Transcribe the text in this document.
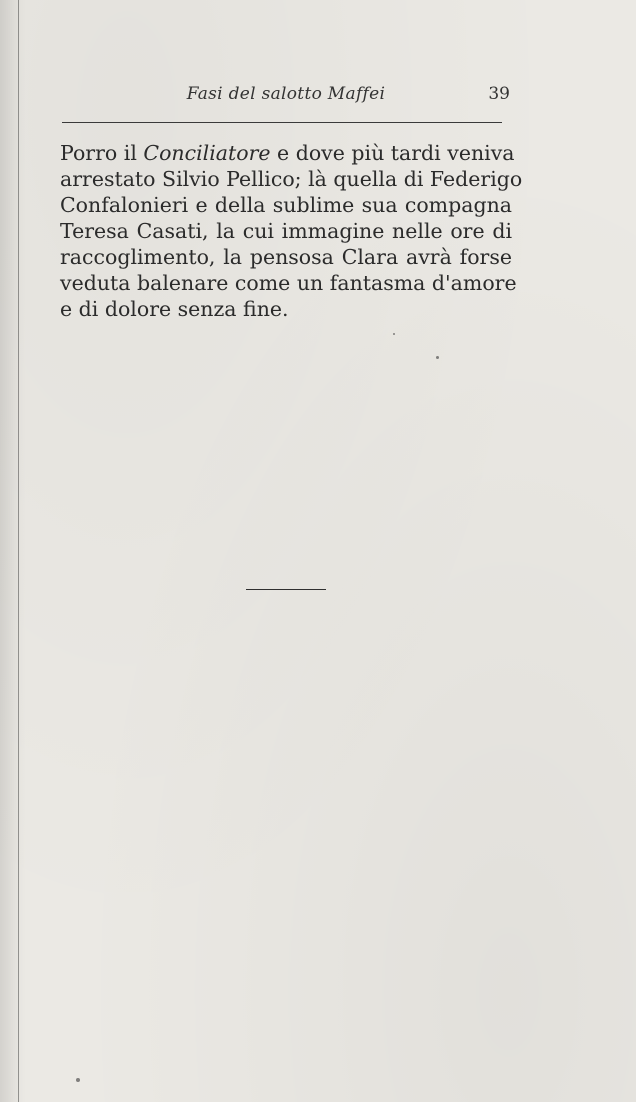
Fasi del salotto Maffei	39
Porro il Conciliatore e dove più tardi veniva
arrestato Silvio Pellico; là quella di Federigo
Confalonieri e della sublime sua compagna
Teresa Casati, la cui immagine nelle ore di
raccoglimento, la pensosa Clara avrà forse
veduta balenare come un fantasma d'amore
e di dolore senza fine.
